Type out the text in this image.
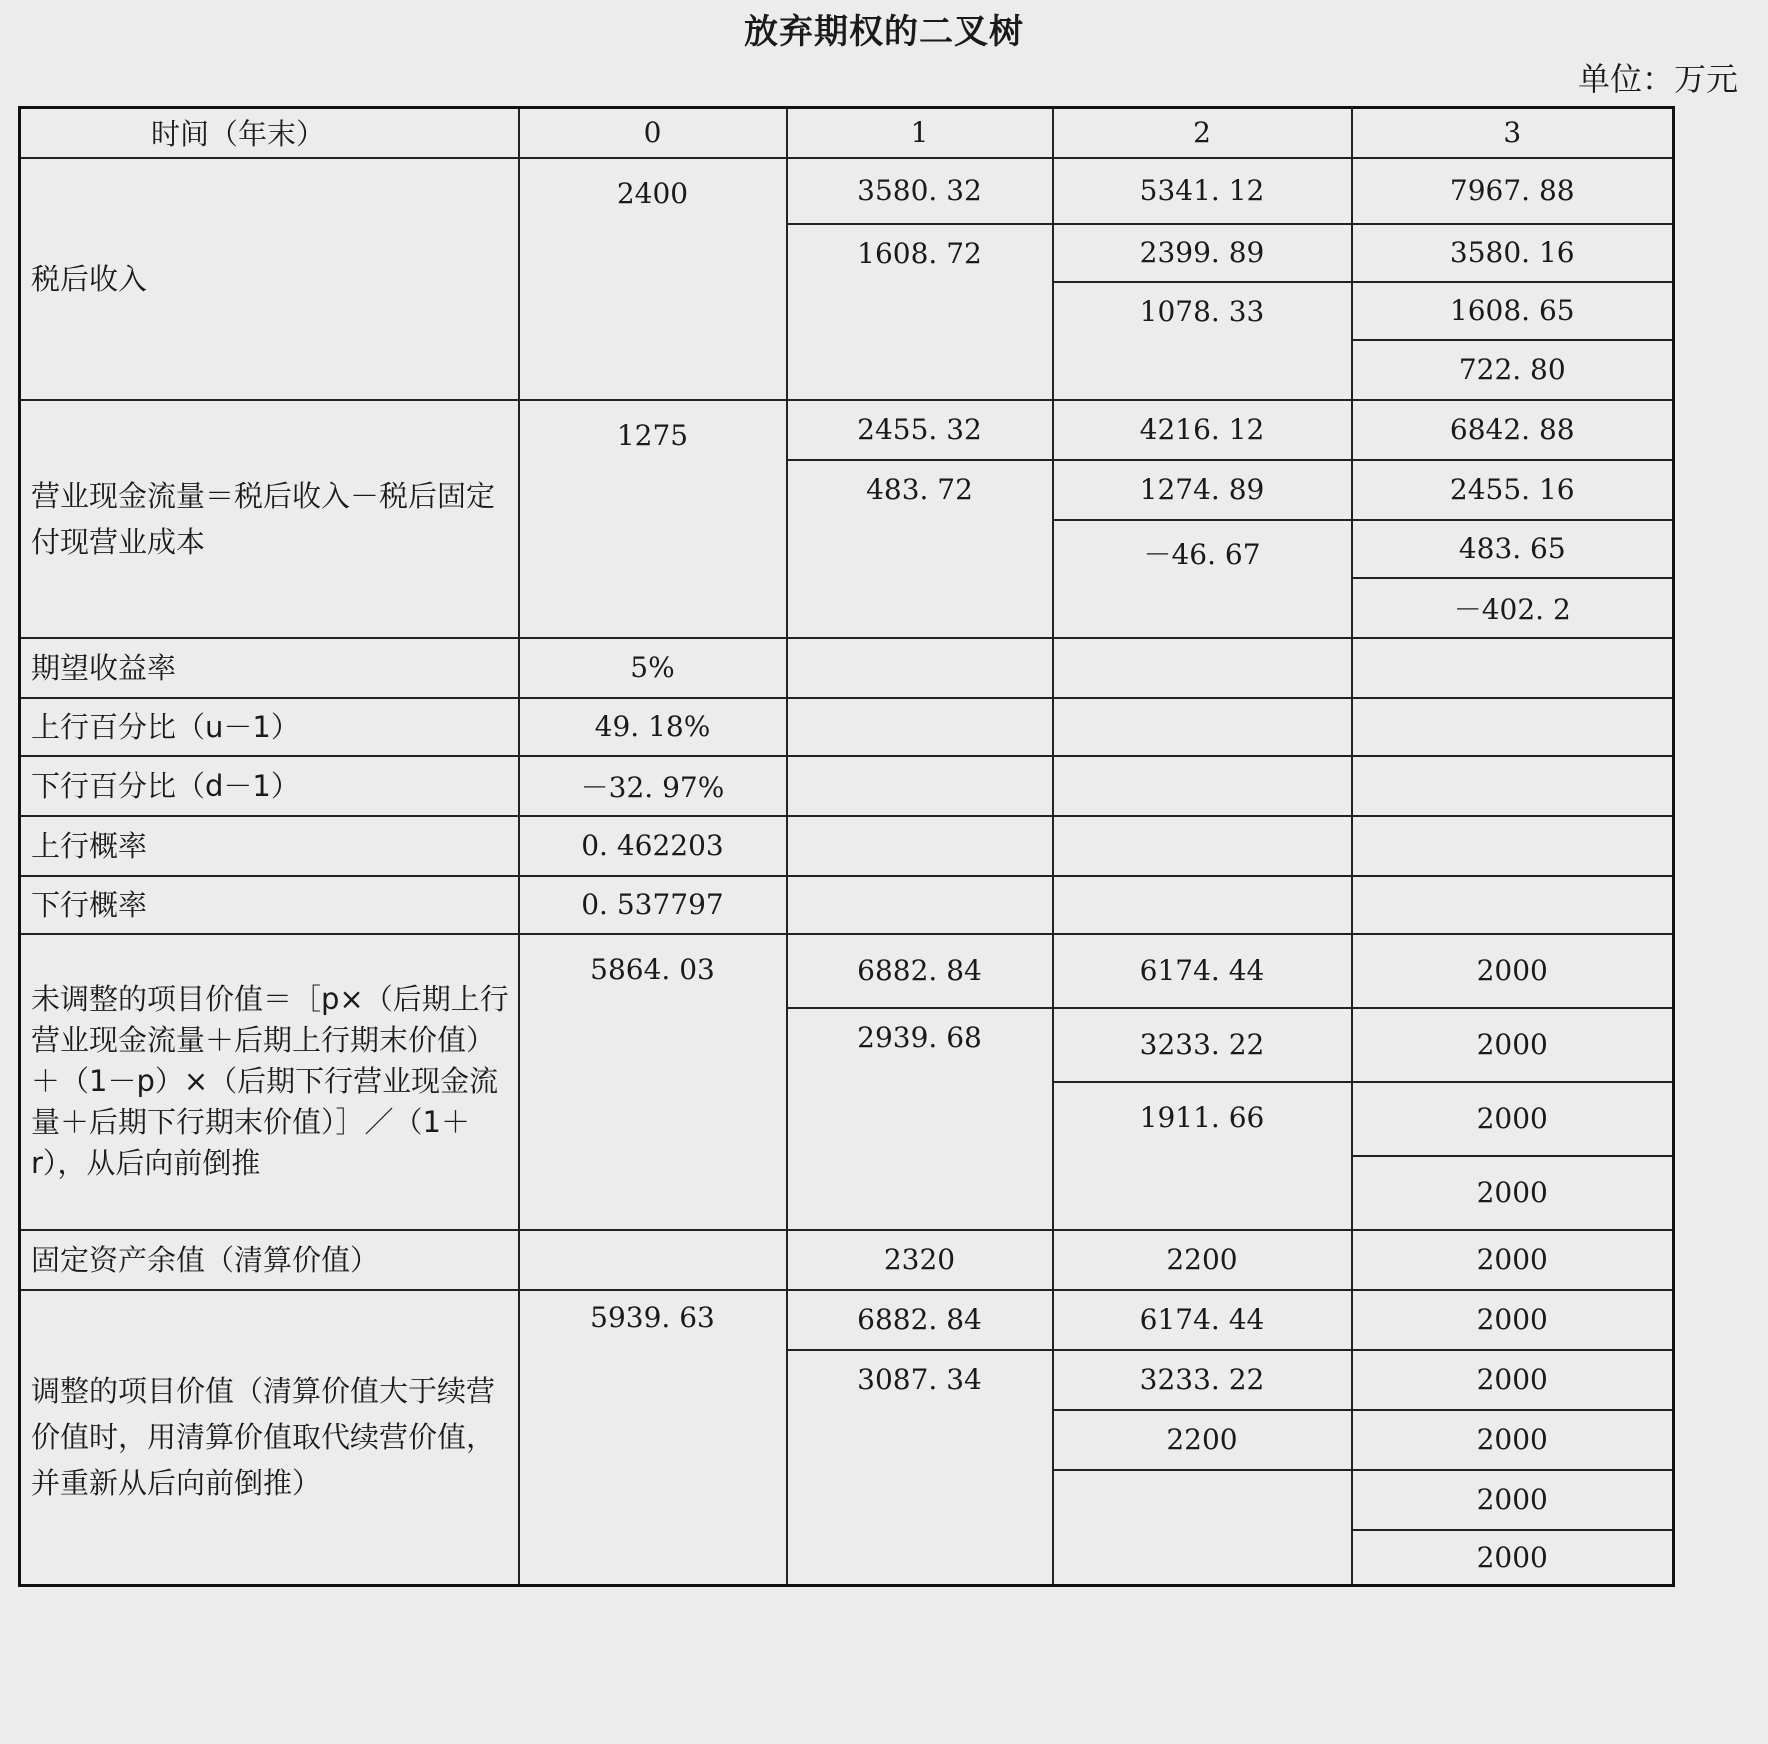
放弃期权的二叉树
单位：万元
时间（年末）	0	1	2	3
税后收入	2400	3580. 32	5341. 12	7967. 88
		1608. 72	2399. 89	3580. 16
			1078. 33	1608. 65
				722. 80
营业现金流量＝税后收入－税后固定付现营业成本	1275	2455. 32	4216. 12	6842. 88
		483. 72	1274. 89	2455. 16
			－46. 67	483. 65
				－402. 2
期望收益率	5%			
上行百分比（u－1）	49. 18%			
下行百分比（d－1）	－32. 97%			
上行概率	0. 462203			
下行概率	0. 537797			
未调整的项目价值＝［p×（后期上行营业现金流量＋后期上行期末价值）＋（1－p）×（后期下行营业现金流量＋后期下行期末价值）］／（1＋r），从后向前倒推	5864. 03	6882. 84	6174. 44	2000
		2939. 68	3233. 22	2000
			1911. 66	2000
				2000
固定资产余值（清算价值）		2320	2200	2000
调整的项目价值（清算价值大于续营价值时，用清算价值取代续营价值，并重新从后向前倒推）	5939. 63	6882. 84	6174. 44	2000
		3087. 34	3233. 22	2000
			2200	2000
				2000
				2000
